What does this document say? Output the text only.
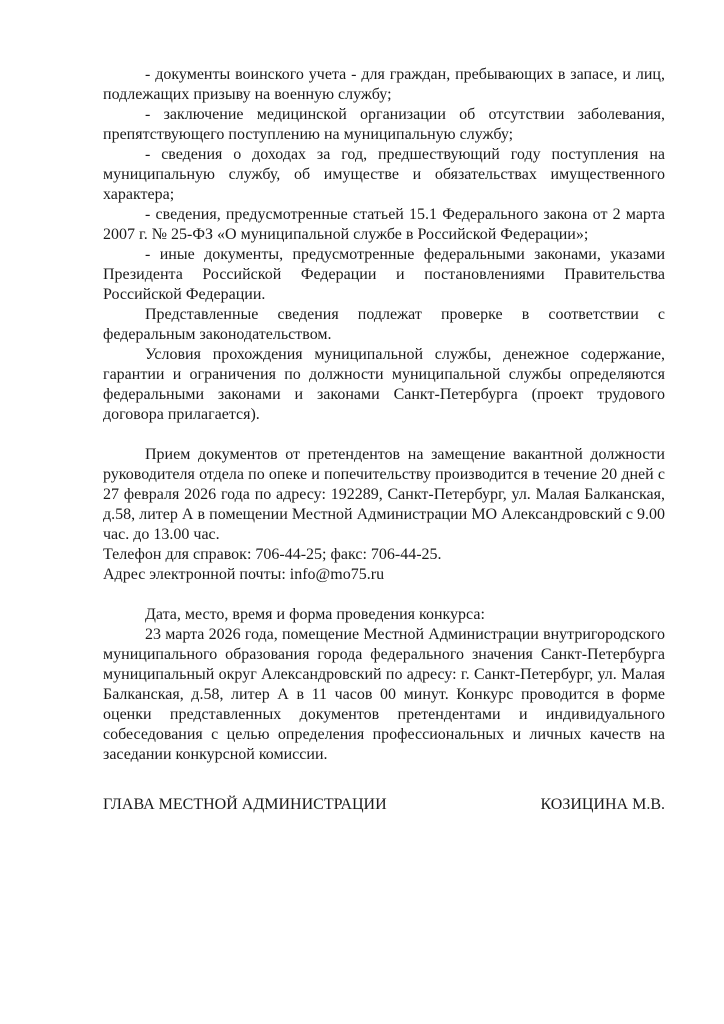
- документы воинского учета - для граждан, пребывающих в запасе, и лиц, подлежащих призыву на военную службу;

- заключение медицинской организации об отсутствии заболевания, препятствующего поступлению на муниципальную службу;

- сведения о доходах за год, предшествующий году поступления на муниципальную службу, об имуществе и обязательствах имущественного характера;

- сведения, предусмотренные статьей 15.1 Федерального закона от 2 марта 2007 г. № 25-ФЗ «О муниципальной службе в Российской Федерации»;

- иные документы, предусмотренные федеральными законами, указами Президента Российской Федерации и постановлениями Правительства Российской Федерации.

Представленные сведения подлежат проверке в соответствии с федеральным законодательством.

Условия прохождения муниципальной службы, денежное содержание, гарантии и ограничения по должности муниципальной службы определяются федеральными законами и законами Санкт-Петербурга (проект трудового договора прилагается).

Прием документов от претендентов на замещение вакантной должности руководителя отдела по опеке и попечительству производится в течение 20 дней с 27 февраля 2026 года по адресу: 192289, Санкт-Петербург, ул. Малая Балканская, д.58, литер А в помещении Местной Администрации МО Александровский с 9.00 час. до 13.00 час.

Телефон для справок: 706-44-25; факс: 706-44-25.

Адрес электронной почты: info@mo75.ru

Дата, место, время и форма проведения конкурса:

23 марта 2026 года, помещение Местной Администрации внутригородского муниципального образования города федерального значения Санкт-Петербурга муниципальный округ Александровский по адресу: г. Санкт-Петербург, ул. Малая Балканская, д.58, литер А в 11 часов 00 минут. Конкурс проводится в форме оценки представленных документов претендентами и индивидуального собеседования с целью определения профессиональных и личных качеств на заседании конкурсной комиссии.

ГЛАВА МЕСТНОЙ АДМИНИСТРАЦИИ	КОЗИЦИНА М.В.
